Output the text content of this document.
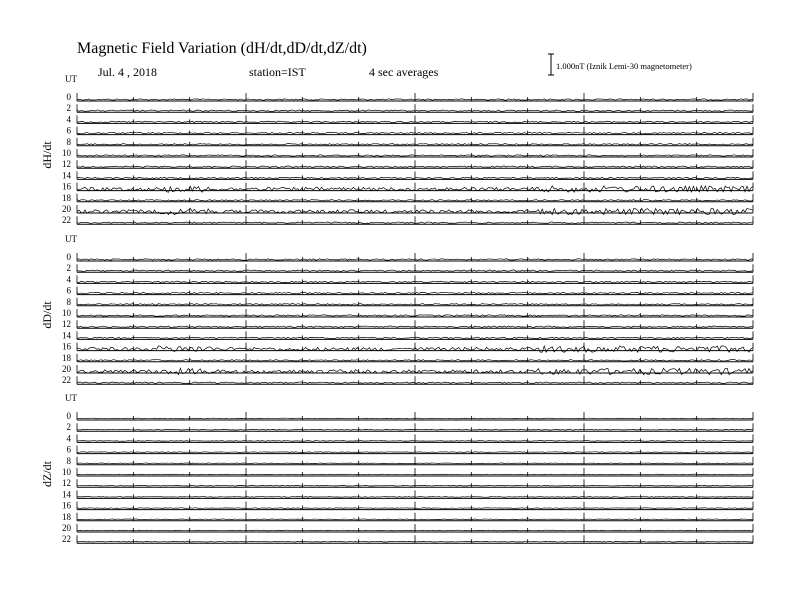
Magnetic Field Variation (dH/dt,dD/dt,dZ/dt)
Jul. 4 , 2018	station=IST	4 sec averages	1.000nT (Iznik Lemi-30 magnetometer)
UT
dH/dt
0
2
4
6
8
10
12
14
16
18
20
22
UT
dD/dt
0
2
4
6
8
10
12
14
16
18
20
22
UT
dZ/dt
0
2
4
6
8
10
12
14
16
18
20
22
